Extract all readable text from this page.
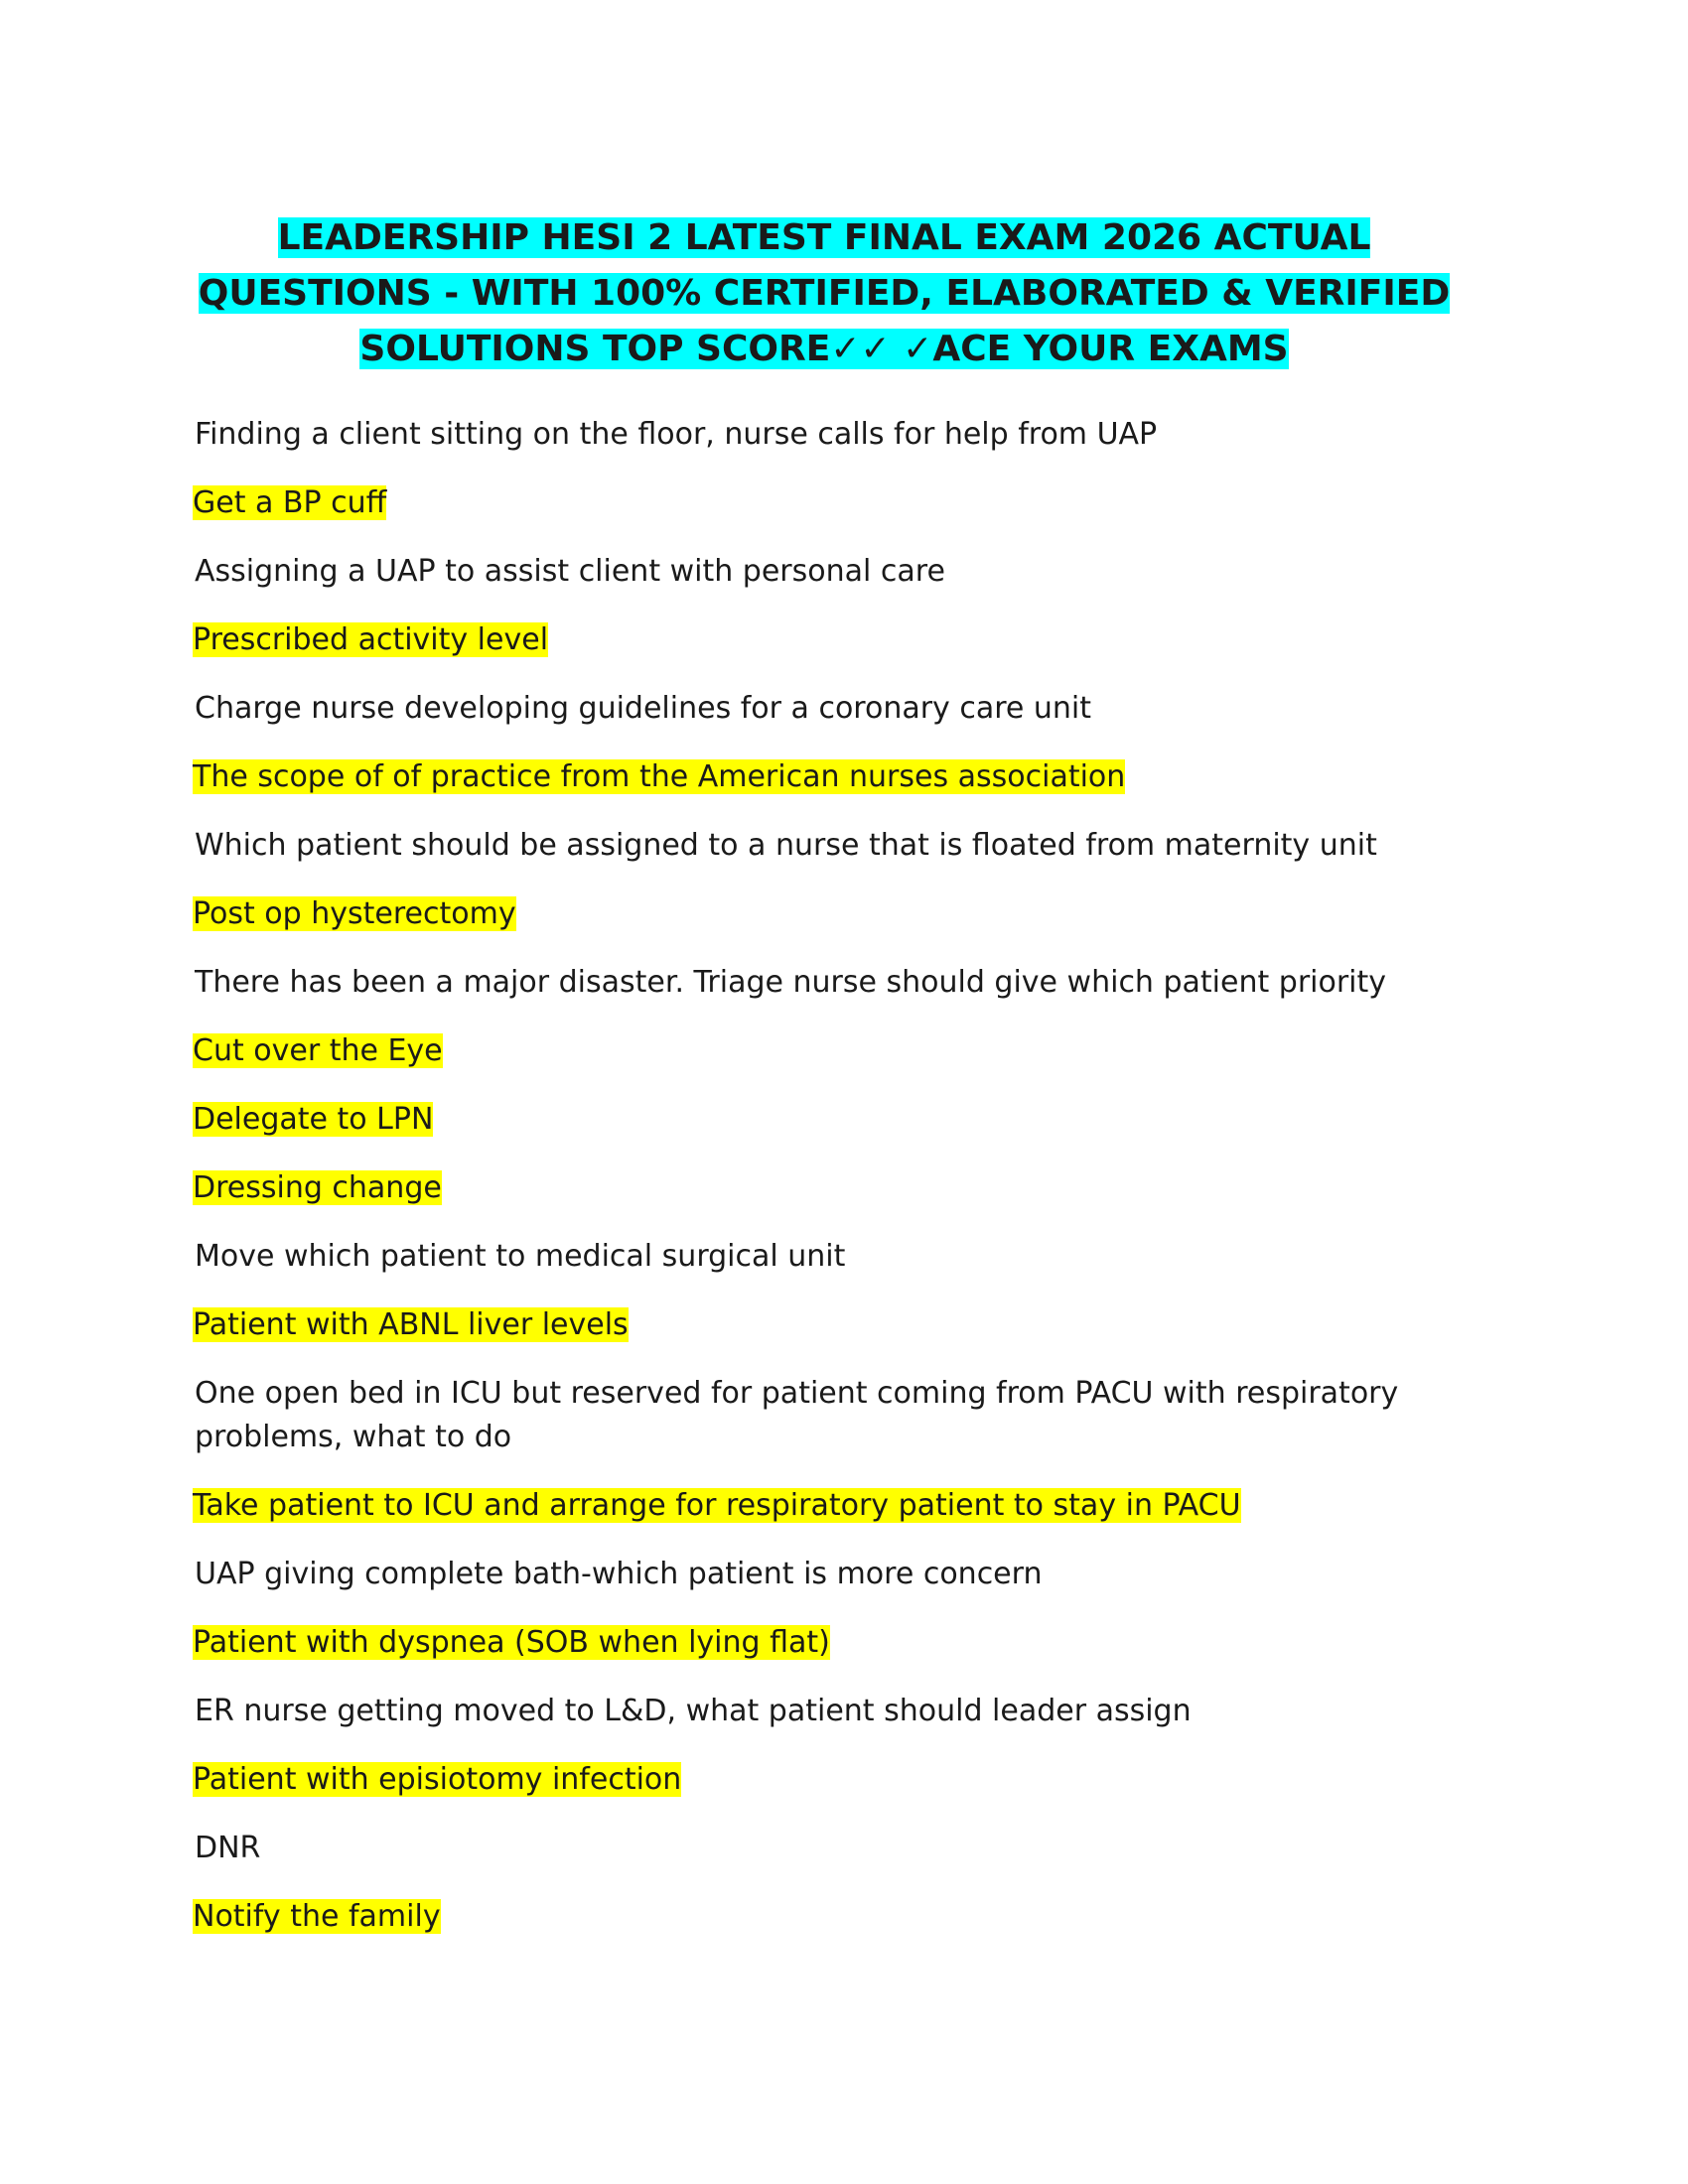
LEADERSHIP HESI 2 LATEST FINAL EXAM 2026 ACTUAL QUESTIONS - WITH 100% CERTIFIED, ELABORATED & VERIFIED SOLUTIONS TOP SCORE✓✓ ✓ACE YOUR EXAMS
Finding a client sitting on the floor, nurse calls for help from UAP
Get a BP cuff
Assigning a UAP to assist client with personal care
Prescribed activity level
Charge nurse developing guidelines for a coronary care unit
The scope of of practice from the American nurses association
Which patient should be assigned to a nurse that is floated from maternity unit
Post op hysterectomy
There has been a major disaster. Triage nurse should give which patient priority
Cut over the Eye
Delegate to LPN
Dressing change
Move which patient to medical surgical unit
Patient with ABNL liver levels
One open bed in ICU but reserved for patient coming from PACU with respiratory problems, what to do
Take patient to ICU and arrange for respiratory patient to stay in PACU
UAP giving complete bath-which patient is more concern
Patient with dyspnea (SOB when lying flat)
ER nurse getting moved to L&D, what patient should leader assign
Patient with episiotomy infection
DNR
Notify the family
